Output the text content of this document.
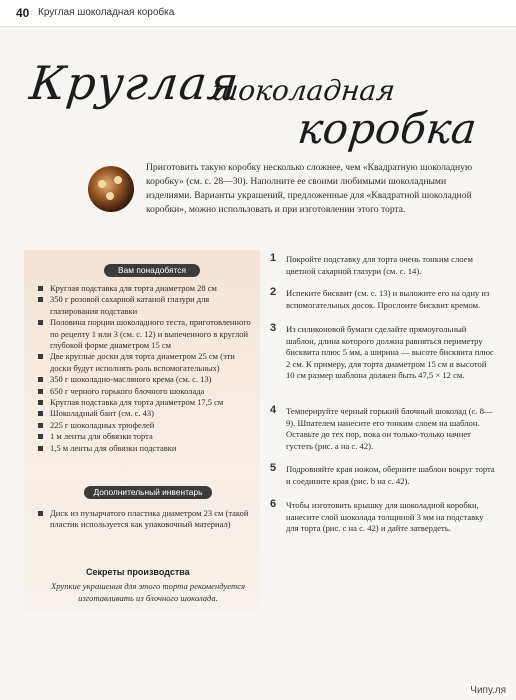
40 Круглая шоколадная коробка
Круглая
шоколадная
коробка
Приготовить такую коробку несколько сложнее, чем «Квадратную шоколадную коробку» (см. с. 28—30). Наполните ее своими любимыми шоколадными изделиями. Варианты украшений, предложенные для «Квадратной шоколадной коробки», можно использовать и при изготовлении этого торта.
Вам понадобятся
Круглая подставка для торта диаметром 28 см
350 г розовой сахарной катаной глазури для глазирования подставки
Половина порции шоколадного теста, приготовленного по рецепту 1 или 3 (см. с. 12) и выпеченного в круглой глубокой форме диаметром 15 см
Две круглые доски для торта диаметром 25 см (эти доски будут исполнять роль вспомогательных)
350 г шоколадно-масляного крема (см. с. 13)
650 г черного горького блочного шоколада
Круглая подставка для торта диаметром 17,5 см
Шоколадный бант (см. с. 43)
225 г шоколадных трюфелей
1 м ленты для обвязки торта
1,5 м ленты для обвязки подставки
Дополнительный инвентарь
Диск из пузырчатого пластика диаметром 23 см (такой пластик используется как упаковочный материал)
Секреты производства
Хрупкие украшения для этого торта рекомендуется изготавливать из блочного шоколада.
1 Покройте подставку для торта очень тонким слоем цветной сахарной глазури (см. с. 14).
2 Испеките бисквит (см. с. 13) и выложите его на одну из вспомогательных досок. Прослоите бисквит кремом.
3 Из силиконовой бумаги сделайте прямоугольный шаблон, длина которого должна равняться периметру бисквита плюс 5 мм, а ширина — высоте бисквита плюс 2 см. К примеру, для торта диаметром 15 см и высотой 10 см размер шаблона должен быть 47,5 × 12 см.
4 Темперируйте черный горький блочный шоколад (с. 8—9). Шпателем нанесите его тонким слоем на шаблон. Оставьте до тех пор, пока он только-только начнет густеть (рис. а на с. 42).
5 Подровняйте края ножом, оберните шаблон вокруг торта и соедините края (рис. b на с. 42).
6 Чтобы изготовить крышку для шоколадной коробки, нанесите слой шоколада толщиной 3 мм на подставку для торта (рис. с на с. 42) и дайте затвердеть.
Чипу.ля
